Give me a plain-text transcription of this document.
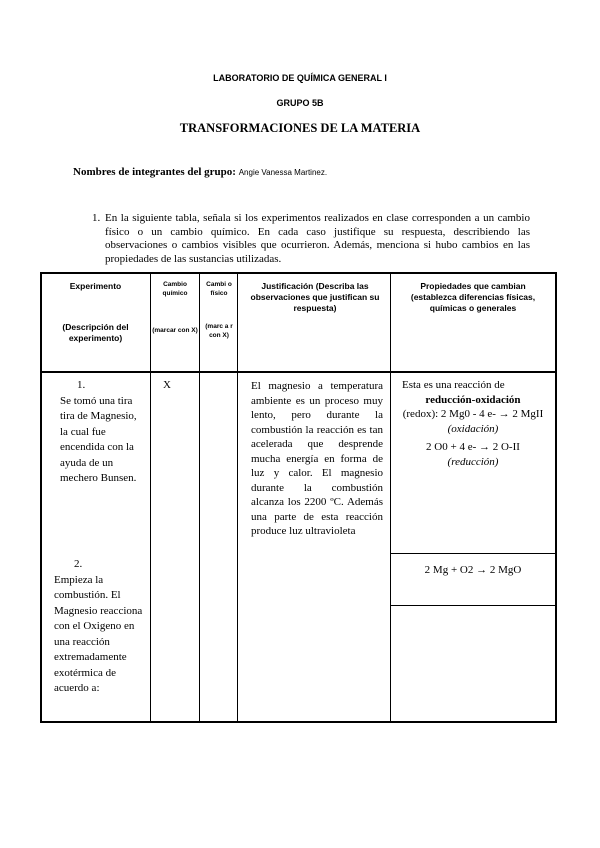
LABORATORIO DE QUÍMICA GENERAL I
GRUPO 5B
TRANSFORMACIONES DE LA MATERIA
Nombres de integrantes del grupo: Angie Vanessa Martinez.
1. En la siguiente tabla, señala si los experimentos realizados en clase corresponden a un cambio físico o un cambio químico. En cada caso justifique su respuesta, describiendo las observaciones o cambios visibles que ocurrieron. Además, menciona si hubo cambios en las propiedades de las sustancias utilizadas.
Experimento
(Descripción del experimento)
Cambio químico
(marcar con X)
Cambi o físico
(marc a r con X)
Justificación (Describa las observaciones que justifican su respuesta)
Propiedades que cambian (establezca diferencias físicas, químicas o generales
1.
Se tomó una tira tira de Magnesio, la cual fue encendida con la ayuda de un mechero Bunsen.
2.
Empieza la combustión. El Magnesio reacciona con el Oxigeno en una reacción extremadamente exotérmica de acuerdo a:
X	El magnesio a temperatura ambiente es un proceso muy lento, pero durante la combustión la reacción es tan acelerada que desprende mucha energía en forma de luz y calor. El magnesio durante la combustión alcanza los 2200 ºC. Además una parte de esta reacción produce luz ultravioleta
Esta es una reacción de
reducción-oxidación
(redox): 2 Mg0 - 4 e- → 2 MgII
(oxidación)
2 O0 + 4 e- → 2 O-II
(reducción)
2 Mg + O2 → 2 MgO
